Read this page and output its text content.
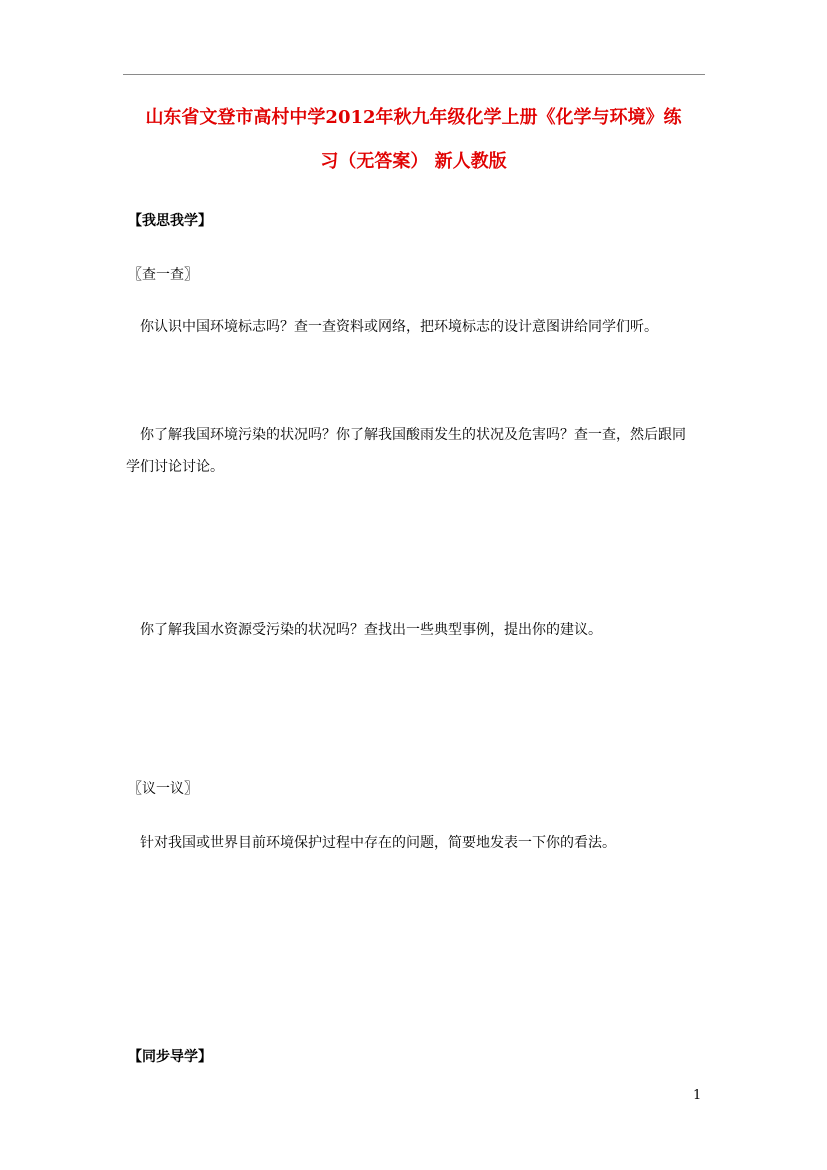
山东省文登市高村中学2012年秋九年级化学上册《化学与环境》练
习（无答案） 新人教版
【我思我学】
〖查一查〗
你认识中国环境标志吗？查一查资料或网络，把环境标志的设计意图讲给同学们听。
你了解我国环境污染的状况吗？你了解我国酸雨发生的状况及危害吗？查一查，然后跟同
学们讨论讨论。
你了解我国水资源受污染的状况吗？查找出一些典型事例，提出你的建议。
〖议一议〗
针对我国或世界目前环境保护过程中存在的问题，简要地发表一下你的看法。
【同步导学】
1
